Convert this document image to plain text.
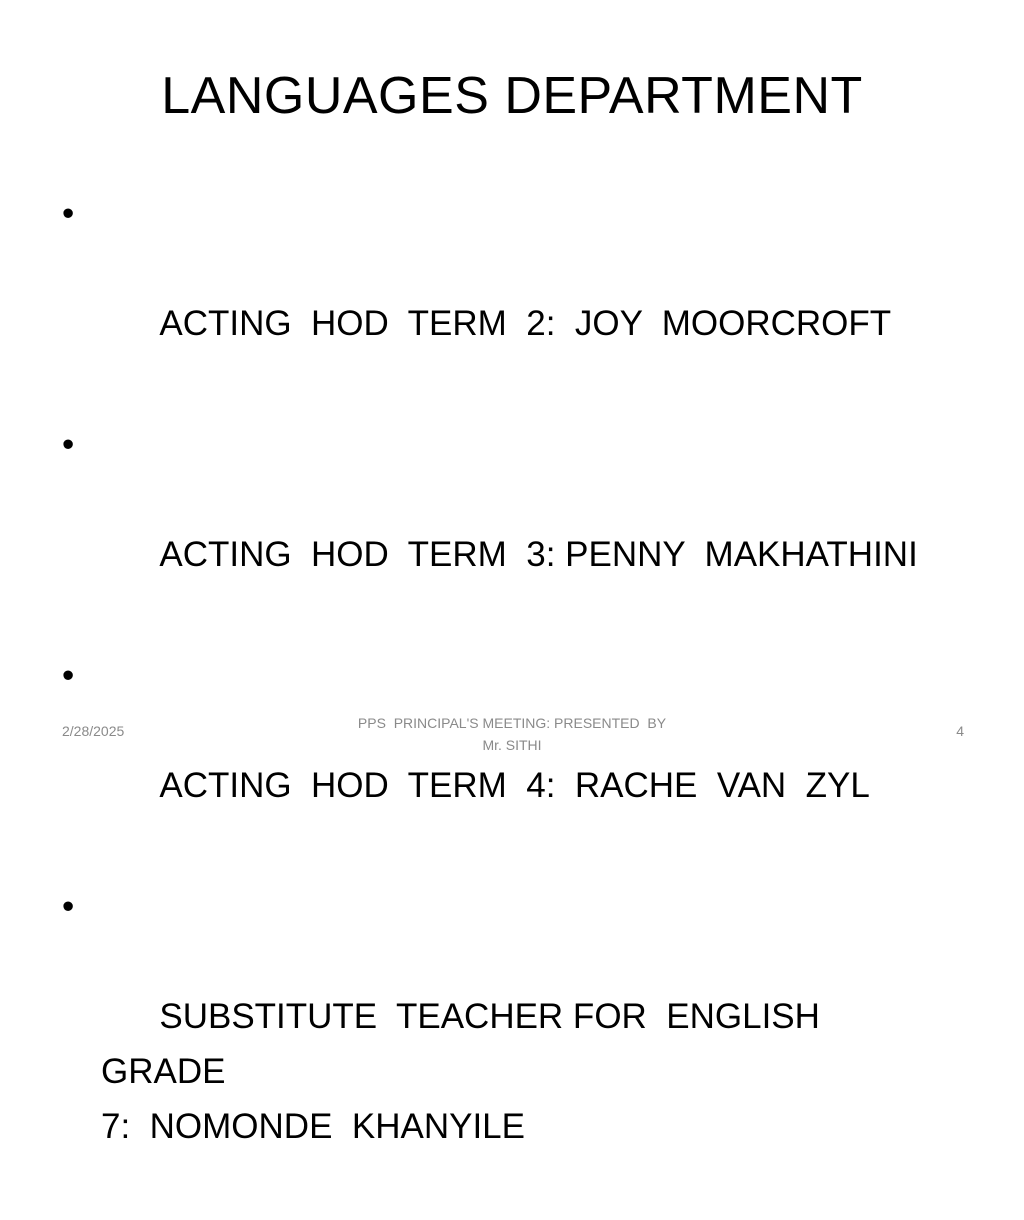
LANGUAGES DEPARTMENT

•

ACTING  HOD  TERM  2:  JOY  MOORCROFT

•

ACTING  HOD  TERM  3: PENNY  MAKHATHINI

•

ACTING  HOD  TERM  4:  RACHE  VAN  ZYL

•

SUBSTITUTE  TEACHER FOR  ENGLISH  GRADE
7:  NOMONDE  KHANYILE

2/28/2025	PPS  PRINCIPAL'S MEETING: PRESENTED  BY
Mr. SITHI
4
